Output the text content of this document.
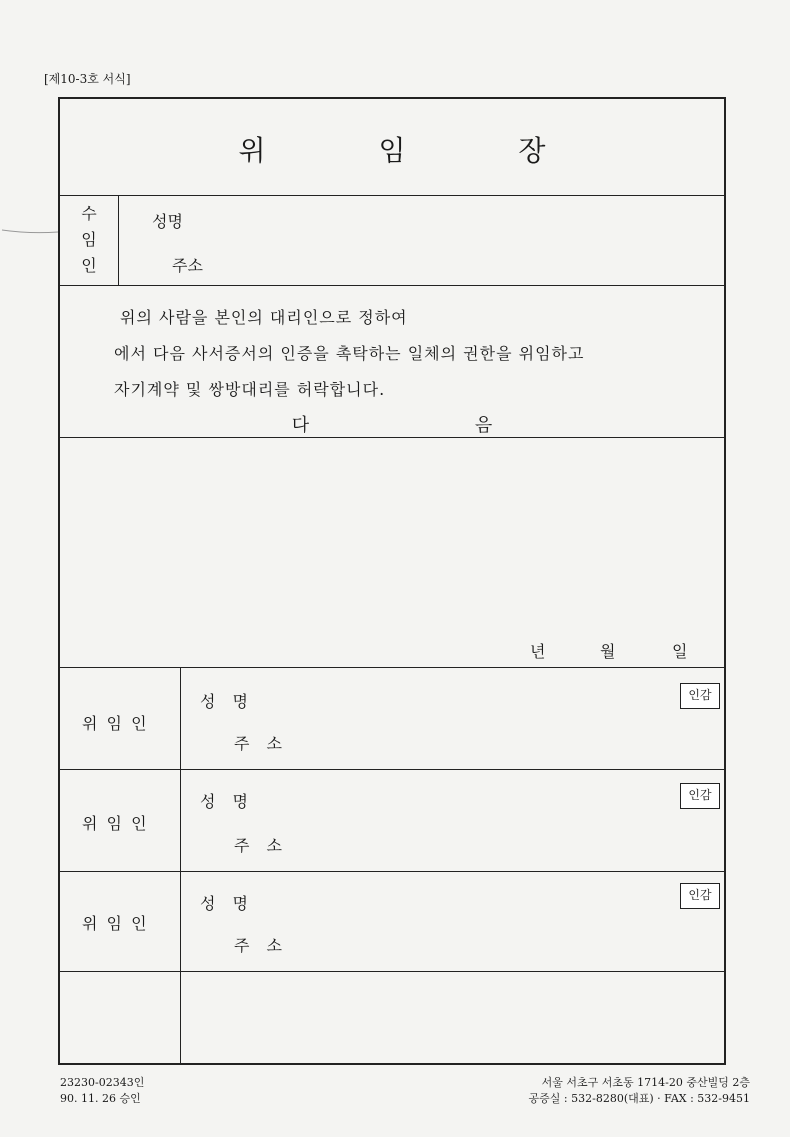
[제10-3호 서식]
위 임 장
수
임
인
성명
주소
위의 사람을 본인의 대리인으로 정하여
에서 다음 사서증서의 인증을 촉탁하는 일체의 권한을 위임하고
자기계약 및 쌍방대리를 허락합니다.
다 음
년	월	일
위 임 인
성 명
주 소
인감
위 임 인
성 명
주 소
인감
위 임 인
성 명
주 소
인감
23230-02343인
90. 11. 26 승인
서울 서초구 서초동 1714-20 중산빌딩 2층
공증실 : 532-8280(대표) · FAX : 532-9451
